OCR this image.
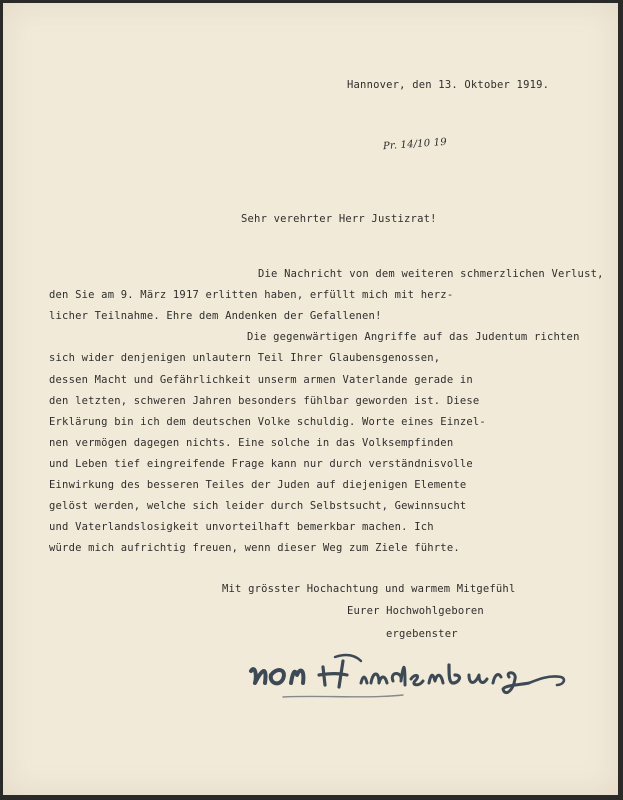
Hannover, den 13. Oktober 1919.
Pr. 14/10 19
Sehr verehrter Herr Justizrat!
Die Nachricht von dem weiteren schmerzlichen Verlust,
den Sie am 9. März 1917 erlitten haben, erfüllt mich mit herz-
licher Teilnahme. Ehre dem Andenken der Gefallenen!
Die gegenwärtigen Angriffe auf das Judentum richten
sich wider denjenigen unlautern Teil Ihrer Glaubensgenossen,
dessen Macht und Gefährlichkeit unserm armen Vaterlande gerade in
den letzten, schweren Jahren besonders fühlbar geworden ist. Diese
Erklärung bin ich dem deutschen Volke schuldig. Worte eines Einzel-
nen vermögen dagegen nichts. Eine solche in das Volksempfinden
und Leben tief eingreifende Frage kann nur durch verständnisvolle
Einwirkung des besseren Teiles der Juden auf diejenigen Elemente
gelöst werden, welche sich leider durch Selbstsucht, Gewinnsucht
und Vaterlandslosigkeit unvorteilhaft bemerkbar machen. Ich
würde mich aufrichtig freuen, wenn dieser Weg zum Ziele führte.
Mit grösster Hochachtung und warmem Mitgefühl
Eurer Hochwohlgeboren
ergebenster
